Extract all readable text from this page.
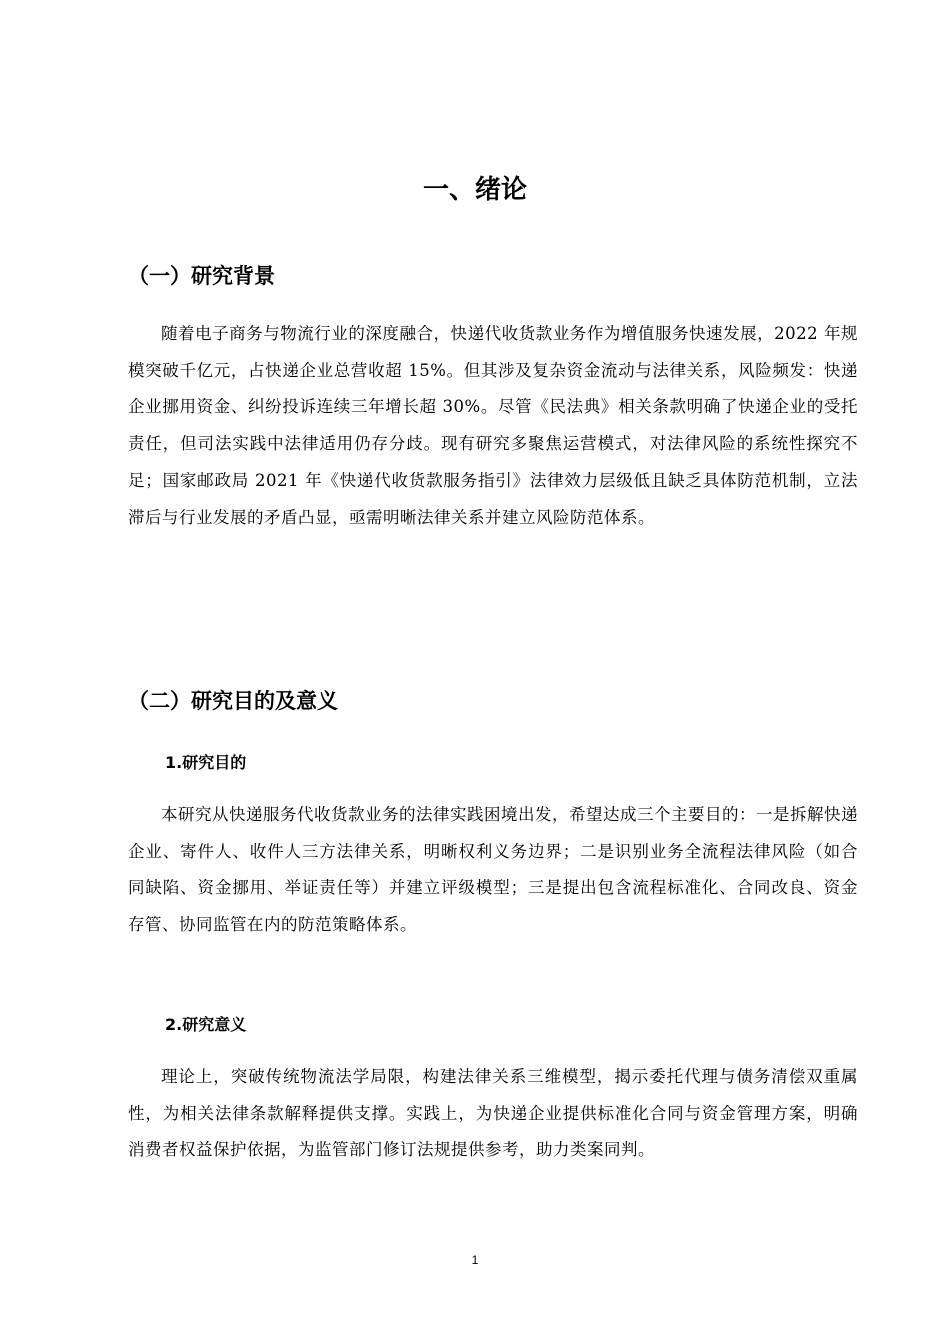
一、绪论
（一）研究背景

随着电子商务与物流行业的深度融合，快递代收货款业务作为增值服务快速发展，2022 年规模突破千亿元，占快递企业总营收超 15%。但其涉及复杂资金流动与法律关系，风险频发：快递企业挪用资金、纠纷投诉连续三年增长超 30%。尽管《民法典》相关条款明确了快递企业的受托责任，但司法实践中法律适用仍存分歧。现有研究多聚焦运营模式，对法律风险的系统性探究不足；国家邮政局 2021 年《快递代收货款服务指引》法律效力层级低且缺乏具体防范机制，立法滞后与行业发展的矛盾凸显，亟需明晰法律关系并建立风险防范体系。

（二）研究目的及意义
1.研究目的

本研究从快递服务代收货款业务的法律实践困境出发，希望达成三个主要目的：一是拆解快递企业、寄件人、收件人三方法律关系，明晰权利义务边界；二是识别业务全流程法律风险（如合同缺陷、资金挪用、举证责任等）并建立评级模型；三是提出包含流程标准化、合同改良、资金存管、协同监管在内的防范策略体系。

2.研究意义

理论上，突破传统物流法学局限，构建法律关系三维模型，揭示委托代理与债务清偿双重属性，为相关法律条款解释提供支撑。实践上，为快递企业提供标准化合同与资金管理方案，明确消费者权益保护依据，为监管部门修订法规提供参考，助力类案同判。

1
